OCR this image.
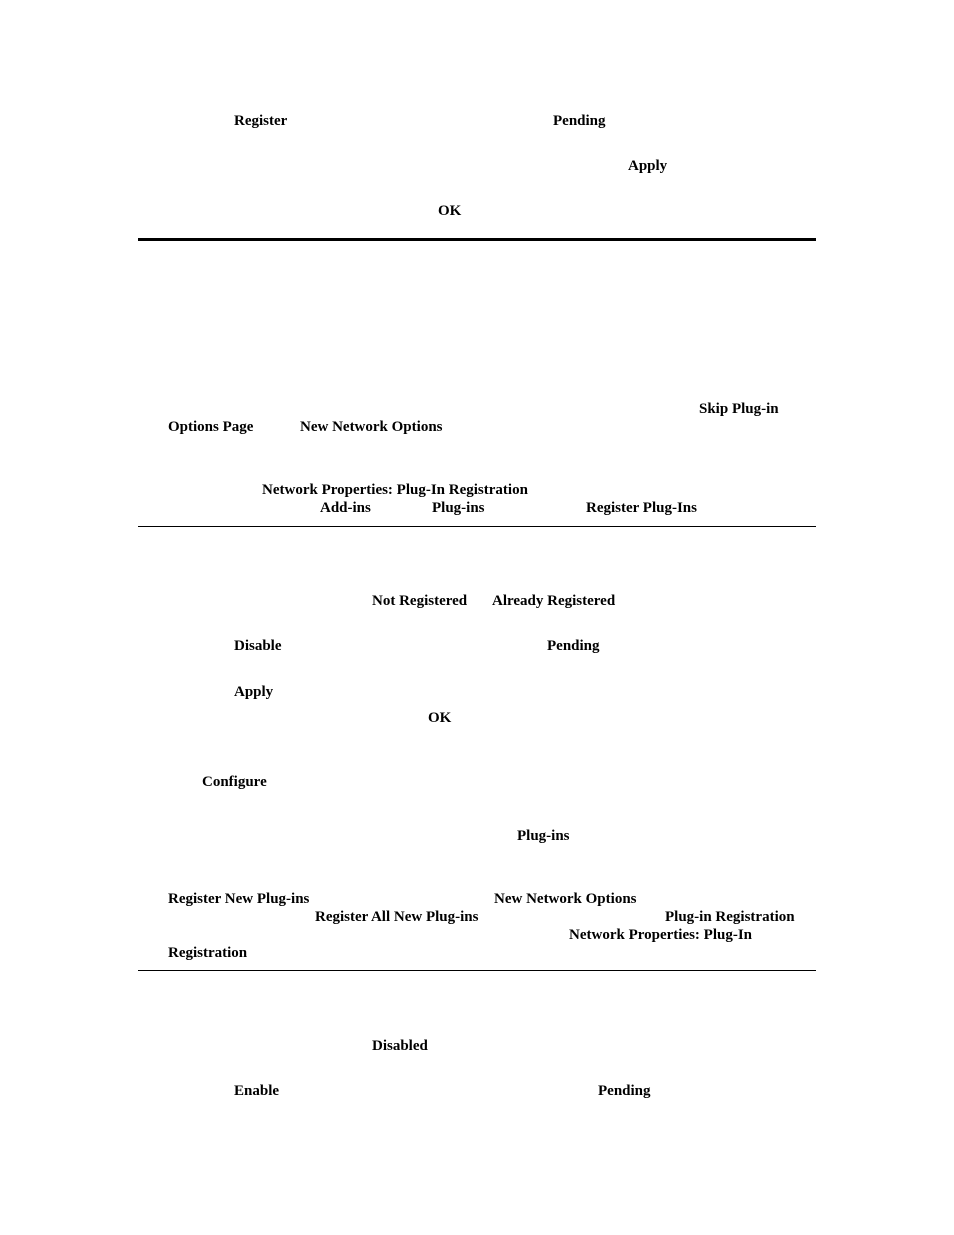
Register	Pending

Apply

OK

Skip Plug-in

Options Page	New Network Options

Network Properties: Plug-In Registration

Add-ins	Plug-ins	Register Plug-Ins

Not Registered Already Registered

Disable	Pending

Apply

OK

Configure

Plug-ins

Register New Plug-ins	New Network Options

Register All New Plug-ins	Plug-in Registration

Network Properties: Plug-In

Registration

Disabled

Enable	Pending
